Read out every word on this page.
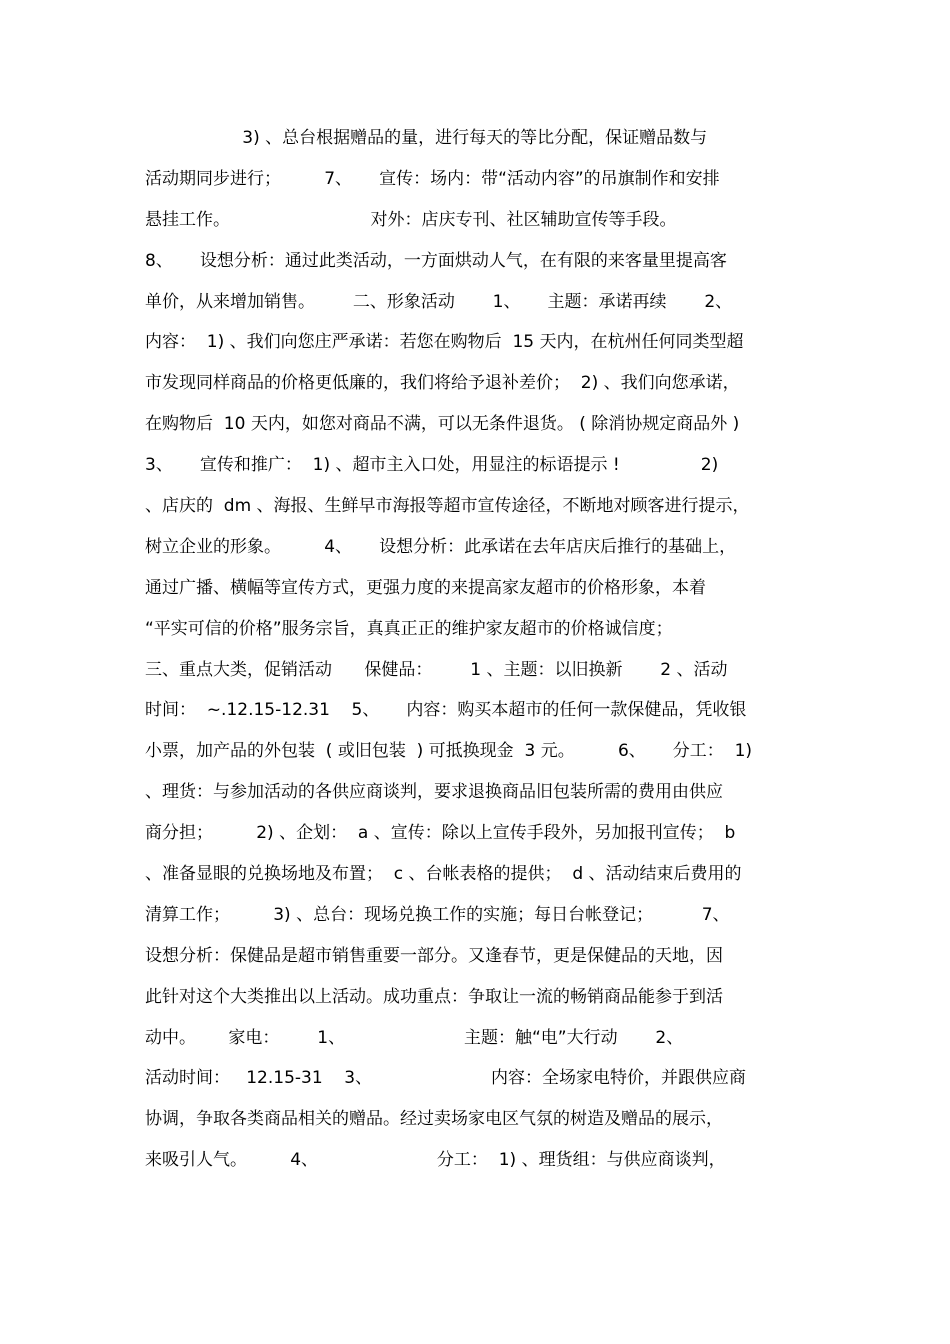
3) 、总台根据赠品的量，进行每天的等比分配，保证赠品数与
活动期同步进行；        7、     宣传：场内：带“活动内容”的吊旗制作和安排
悬挂工作。                          对外：店庆专刊、社区辅助宣传等手段。
8、     设想分析：通过此类活动，一方面烘动人气，在有限的来客量里提高客
单价，从来增加销售。       二、形象活动       1、     主题：承诺再续       2、
内容：  1) 、我们向您庄严承诺：若您在购物后  15 天内，在杭州任何同类型超
市发现同样商品的价格更低廉的，我们将给予退补差价；  2) 、我们向您承诺，
在购物后  10 天内，如您对商品不满，可以无条件退货。 ( 除消协规定商品外 )
3、     宣传和推广：  1) 、超市主入口处，用显注的标语提示 !               2)
、店庆的  dm 、海报、生鲜早市海报等超市宣传途径，不断地对顾客进行提示，
树立企业的形象。        4、     设想分析：此承诺在去年店庆后推行的基础上，
通过广播、横幅等宣传方式，更强力度的来提高家友超市的价格形象，本着
“平实可信的价格”服务宗旨，真真正正的维护家友超市的价格诚信度；
三、重点大类，促销活动      保健品：       1 、主题：以旧换新       2 、活动
时间：  ~.12.15-12.31    5、     内容：购买本超市的任何一款保健品，凭收银
小票，加产品的外包装  ( 或旧包装  ) 可抵换现金  3 元。        6、     分工：  1)
、理货：与参加活动的各供应商谈判，要求退换商品旧包装所需的费用由供应
商分担；        2) 、企划：  a 、宣传：除以上宣传手段外，另加报刊宣传；  b
、准备显眼的兑换场地及布置；  c 、台帐表格的提供；  d 、活动结束后费用的
清算工作；        3) 、总台：现场兑换工作的实施；每日台帐登记；         7、
设想分析：保健品是超市销售重要一部分。又逢春节，更是保健品的天地，因
此针对这个大类推出以上活动。成功重点：争取让一流的畅销商品能参于到活
动中。      家电：       1、                      主题：触“电”大行动       2、
活动时间：   12.15-31    3、                      内容：全场家电特价，并跟供应商
协调，争取各类商品相关的赠品。经过卖场家电区气氛的树造及赠品的展示，
来吸引人气。        4、                      分工：  1) 、理货组：与供应商谈判，
